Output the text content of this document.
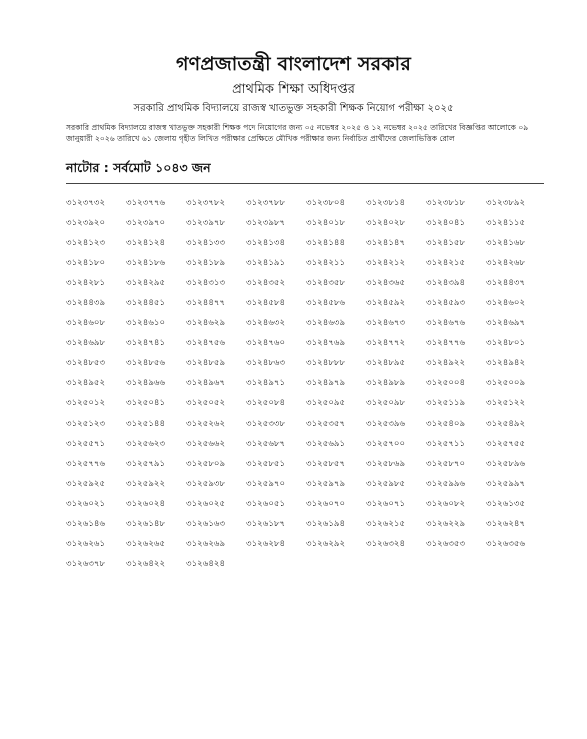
গণপ্রজাতন্ত্রী বাংলাদেশ সরকার
প্রাথমিক শিক্ষা অধিদপ্তর
সরকারি প্রাথমিক বিদ্যালয়ে রাজস্ব খাতভুক্ত সহকারী শিক্ষক নিয়োগ পরীক্ষা ২০২৫
সরকারি প্রাথমিক বিদ্যালয়ে রাজস্ব খাতভুক্ত সহকারী শিক্ষক পদে নিয়োগের জন্য ০৫ নভেম্বর ২০২৫ ও ১২ নভেম্বর ২০২৫ তারিখের বিজ্ঞপ্তির আলোকে ০৯ জানুয়ারী ২০২৬ তারিখে ৬১ জেলায় গৃহীত লিখিত পরীক্ষার প্রেক্ষিতে মৌখিক পরীক্ষার জন্য নির্বাচিত প্রার্থীদের জেলাভিত্তিক রোল
নাটোর : সর্বমোট ১০৪৩ জন
৩১২৩৭৩২	৩১২৩৭৭৬	৩১২৩৭৮২	৩১২৩৭৮৮	৩১২৩৮০৪	৩১২৩৮১৪	৩১২৩৮১৮	৩১২৩৮৯২
৩১২৩৯২০	৩১২৩৯৭০	৩১২৩৯৭৮	৩১২৩৯৮৭	৩১২৪০১৮	৩১২৪০২৮	৩১২৪০৪১	৩১২৪১১৫
৩১২৪১২৩	৩১২৪১২৪	৩১২৪১৩৩	৩১২৪১৩৪	৩১২৪১৪৪	৩১২৪১৪৭	৩১২৪১৫৮	৩১২৪১৬৮
৩১২৪১৮০	৩১২৪১৮৬	৩১২৪১৮৯	৩১২৪১৯১	৩১২৪২১১	৩১২৪২১২	৩১২৪২১৫	৩১২৪২৬৮
৩১২৪২৮১	৩১২৪২৯৫	৩১২৪৩১৩	৩১২৪৩৫২	৩১২৪৩৫৮	৩১২৪৩৬৫	৩১২৪৩৯৪	৩১২৪৪৩৭
৩১২৪৪৩৯	৩১২৪৪৫১	৩১২৪৪৭৭	৩১২৪৫৮৪	৩১২৪৫৮৬	৩১২৪৫৯২	৩১২৪৫৯৩	৩১২৪৬০২
৩১২৪৬০৮	৩১২৪৬১০	৩১২৪৬২৯	৩১২৪৬৩২	৩১২৪৬৩৯	৩১২৪৬৭৩	৩১২৪৬৭৬	৩১২৪৬৯৭
৩১২৪৬৯৮	৩১২৪৭৪১	৩১২৪৭৫৬	৩১২৪৭৬০	৩১২৪৭৬৯	৩১২৪৭৭২	৩১২৪৭৭৬	৩১২৪৮০১
৩১২৪৮৫৩	৩১২৪৮৫৬	৩১২৪৮৫৯	৩১২৪৮৬৩	৩১২৪৮৮৮	৩১২৪৮৯৫	৩১২৪৯২২	৩১২৪৯৪২
৩১২৪৯৫২	৩১২৪৯৬৬	৩১২৪৯৬৭	৩১২৪৯৭১	৩১২৪৯৭৯	৩১২৪৯৮৯	৩১২৫০০৪	৩১২৫০০৯
৩১২৫০১২	৩১২৫০৪১	৩১২৫০৫২	৩১২৫০৮৪	৩১২৫০৯৫	৩১২৫০৯৮	৩১২৫১১৯	৩১২৫১২২
৩১২৫১২৩	৩১২৫১৪৪	৩১২৫২৬২	৩১২৫৩৩৮	৩১২৫৩৫৭	৩১২৫৩৯৬	৩১২৫৪০৯	৩১২৫৪৯২
৩১২৫৫৭১	৩১২৫৬২৩	৩১২৫৬৬২	৩১২৫৬৮৭	৩১২৫৬৯১	৩১২৫৭০০	৩১২৫৭১১	৩১২৫৭৫৫
৩১২৫৭৭৬	৩১২৫৭৯১	৩১২৫৮০৯	৩১২৫৮৫১	৩১২৫৮৫৭	৩১২৫৮৬৯	৩১২৫৮৭০	৩১২৫৮৯৬
৩১২৫৯২৫	৩১২৫৯২২	৩১২৫৯৩৮	৩১২৫৯৭০	৩১২৫৯৭৯	৩১২৫৯৮৫	৩১২৫৯৯৬	৩১২৫৯৯৭
৩১২৬০২১	৩১২৬০২৪	৩১২৬০২৫	৩১২৬০৫১	৩১২৬০৭০	৩১২৬০৭১	৩১২৬০৮২	৩১২৬১৩৫
৩১২৬১৪৬	৩১২৬১৪৮	৩১২৬১৬৩	৩১২৬১৮৭	৩১২৬১৯৪	৩১২৬২১৫	৩১২৬২২৯	৩১২৬২৪৭
৩১২৬২৬১	৩১২৬২৬৫	৩১২৬২৬৯	৩১২৬২৮৪	৩১২৬২৯২	৩১২৬৩২৪	৩১২৬৩৫৩	৩১২৬৩৫৬
৩১২৬৩৭৮	৩১২৬৪২২	৩১২৬৪২৪
